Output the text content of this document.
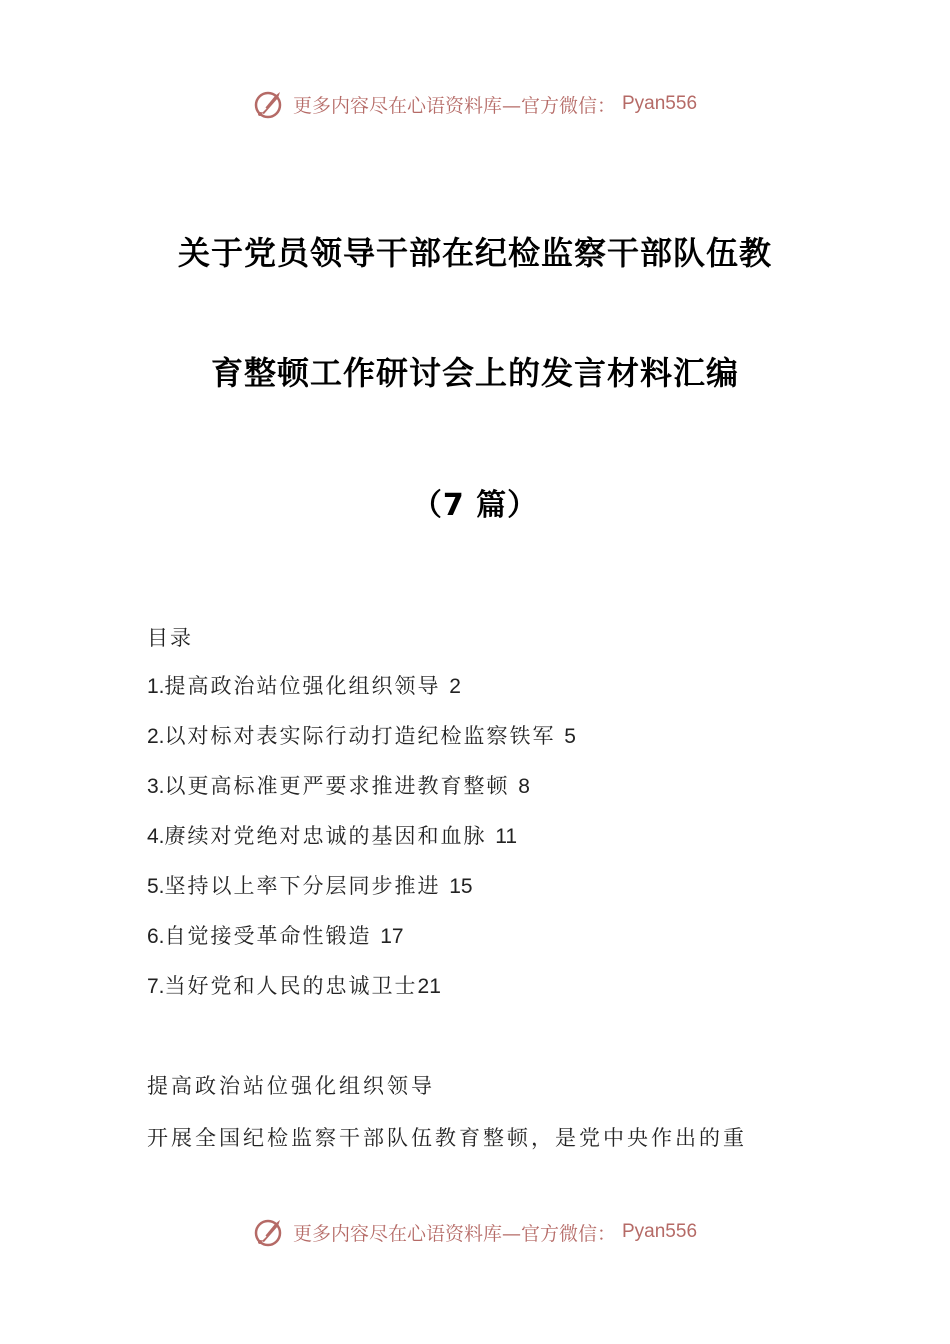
更多内容尽在心语资料库—官方微信： Pyan556
关于党员领导干部在纪检监察干部队伍教
育整顿工作研讨会上的发言材料汇编
（7 篇）
目录
1.提高政治站位强化组织领导 2
2.以对标对表实际行动打造纪检监察铁军 5
3.以更高标准更严要求推进教育整顿 8
4.赓续对党绝对忠诚的基因和血脉 11
5.坚持以上率下分层同步推进 15
6.自觉接受革命性锻造 17
7.当好党和人民的忠诚卫士21
提高政治站位强化组织领导
开展全国纪检监察干部队伍教育整顿，是党中央作出的重
更多内容尽在心语资料库—官方微信： Pyan556
